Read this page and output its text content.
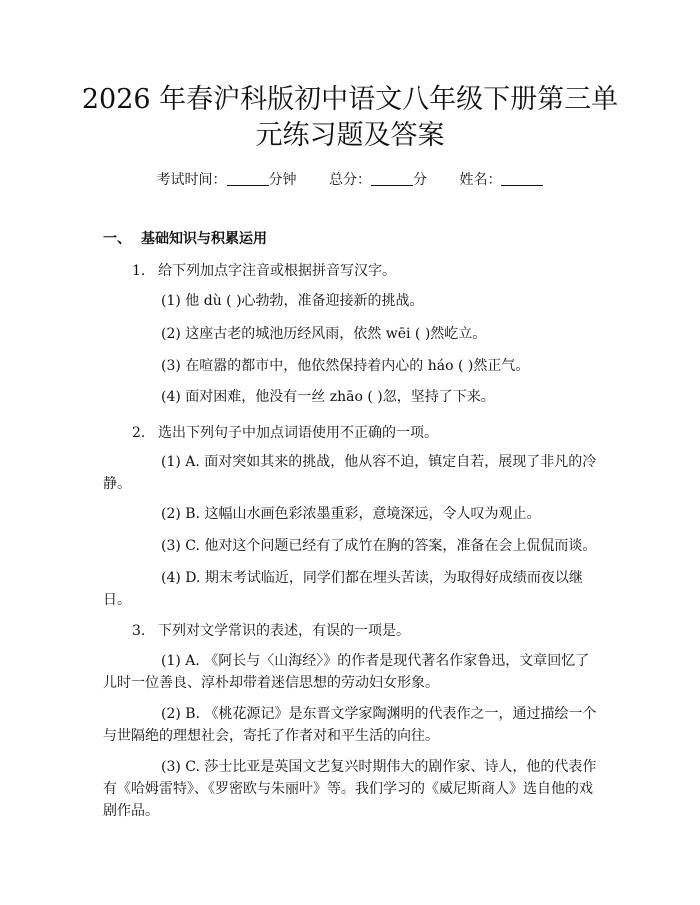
2026 年春沪科版初中语文八年级下册第三单
元练习题及答案
考试时间：	分钟 总分：	分 姓名：
一、 基础知识与积累运用
1. 给下列加点字注音或根据拼音写汉字。
(1) 他 dù ( )心勃勃，准备迎接新的挑战。
(2) 这座古老的城池历经风雨，依然 wēi ( )然屹立。
(3) 在喧嚣的都市中，他依然保持着内心的 háo ( )然正气。
(4) 面对困难，他没有一丝 zhāo ( )忽，坚持了下来。
2. 选出下列句子中加点词语使用不正确的一项。
(1) A. 面对突如其来的挑战，他从容不迫，镇定自若，展现了非凡的冷静。
(2) B. 这幅山水画色彩浓墨重彩，意境深远，令人叹为观止。
(3) C. 他对这个问题已经有了成竹在胸的答案，准备在会上侃侃而谈。
(4) D. 期末考试临近，同学们都在埋头苦读，为取得好成绩而夜以继日。
3. 下列对文学常识的表述，有误的一项是。
(1) A. 《阿长与〈山海经〉》的作者是现代著名作家鲁迅，文章回忆了儿时一位善良、淳朴却带着迷信思想的劳动妇女形象。
(2) B. 《桃花源记》是东晋文学家陶渊明的代表作之一，通过描绘一个与世隔绝的理想社会，寄托了作者对和平生活的向往。
(3) C. 莎士比亚是英国文艺复兴时期伟大的剧作家、诗人，他的代表作有《哈姆雷特》、《罗密欧与朱丽叶》等。我们学习的《威尼斯商人》选自他的戏剧作品。
